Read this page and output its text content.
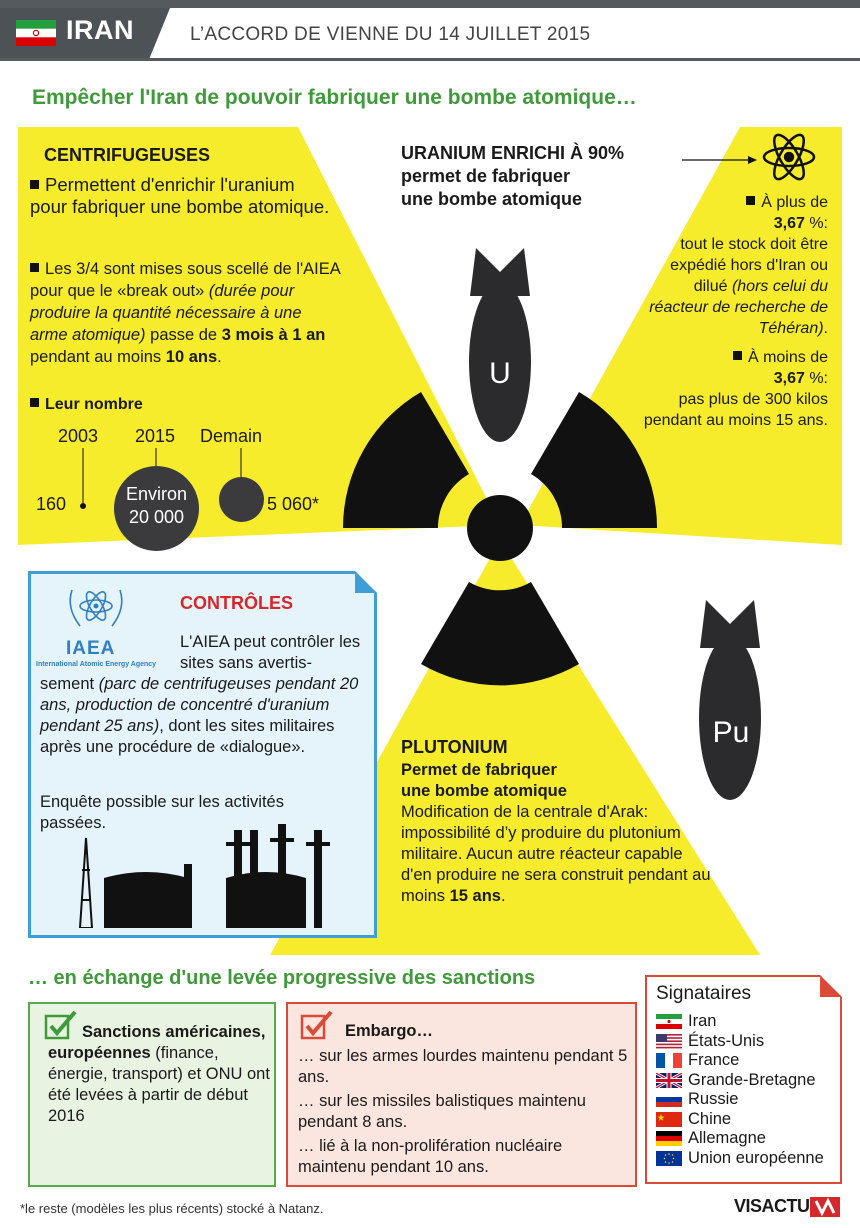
IRAN	L’ACCORD DE VIENNE DU 14 JUILLET 2015
Empêcher l'Iran de pouvoir fabriquer une bombe atomique…
CENTRIFUGEUSES
Permettent d'enrichir l'uranium pour fabriquer une bombe atomique.
Les 3/4 sont mises sous scellé de l'AIEA pour que le «break out» (durée pour produire la quantité nécessaire à une arme atomique) passe de 3 mois à 1 an pendant au moins 10 ans.
Leur nombre
2003 2015 Demain
160	Environ
20 000
5 060*
URANIUM ENRICHI À 90%
permet de fabriquer
une bombe atomique
U

À plus de
3,67 %:
tout le stock doit être expédié hors d'Iran ou dilué (hors celui du réacteur de recherche de Téhéran).

À moins de
3,67 %:
pas plus de 300 kilos pendant au moins 15 ans.

IAEA
International Atomic Energy Agency
CONTRÔLES
L'AIEA peut contrôler les sites sans avertis-
sement (parc de centrifugeuses pendant 20 ans, production de concentré d'uranium pendant 25 ans), dont les sites militaires après une procédure de «dialogue».
Enquête possible sur les activités passées.
Pu
PLUTONIUM
Permet de fabriquer
une bombe atomique
Modification de la centrale d'Arak: impossibilité d’y produire du plutonium militaire. Aucun autre réacteur capable d'en produire ne sera construit pendant au moins 15 ans.
… en échange d'une levée progressive des sanctions
Sanctions américaines, européennes (finance, énergie, transport) et ONU ont été levées à partir de début 2016
Embargo…
… sur les armes lourdes maintenu pendant 5 ans.
… sur les missiles balistiques maintenu pendant 8 ans.
… lié à la non-prolifération nucléaire maintenu pendant 10 ans.
Signataires
Iran
États-Unis
France
Grande-Bretagne
Russie
Chine
Allemagne
Union européenne
*le reste (modèles les plus récents) stocké à Natanz.	VISACTU
